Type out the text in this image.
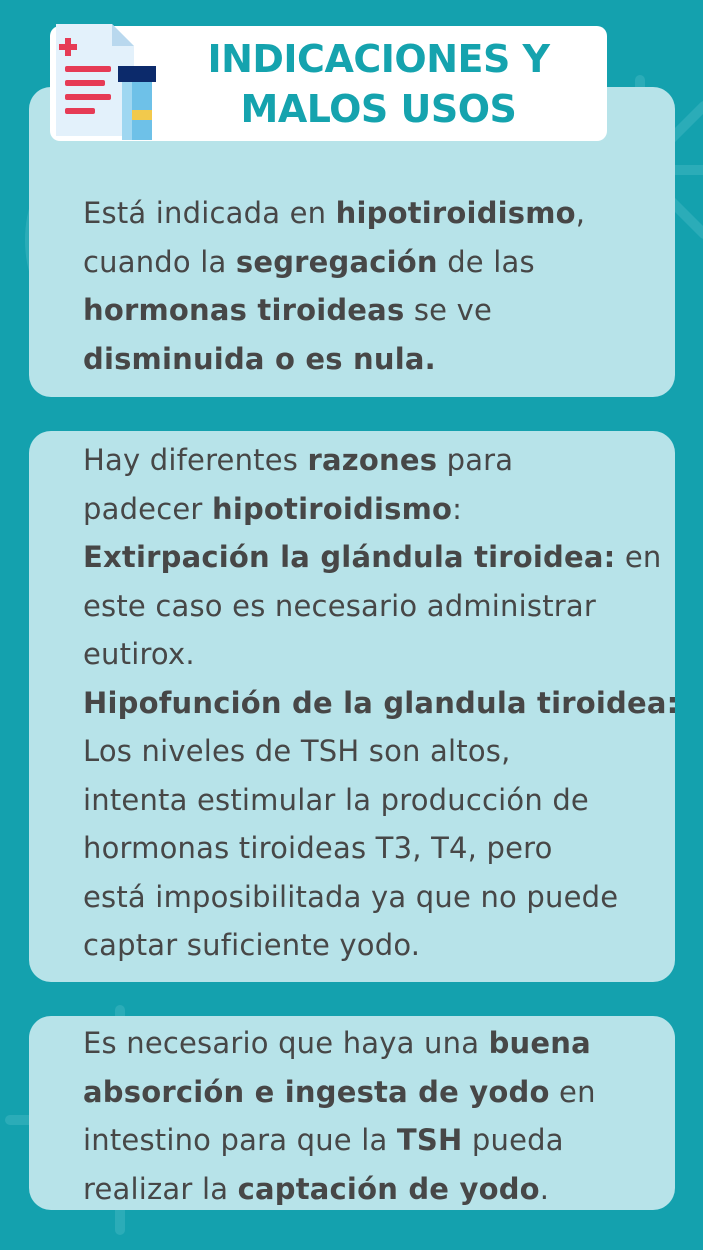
Está indicada en hipotiroidismo,

cuando la segregación de las

hormonas tiroideas se ve

disminuida o es nula.

Hay diferentes razones para

padecer hipotiroidismo:

Extirpación la glándula tiroidea: en

este caso es necesario administrar

eutirox.

Hipofunción de la glandula tiroidea:

Los niveles de TSH son altos,

intenta estimular la producción de

hormonas tiroideas T3, T4, pero

está imposibilitada ya que no puede

captar suficiente yodo.

Es necesario que haya una buena

absorción e ingesta de yodo en

intestino para que la TSH pueda

realizar la captación de yodo.

INDICACIONES Y
MALOS USOS
